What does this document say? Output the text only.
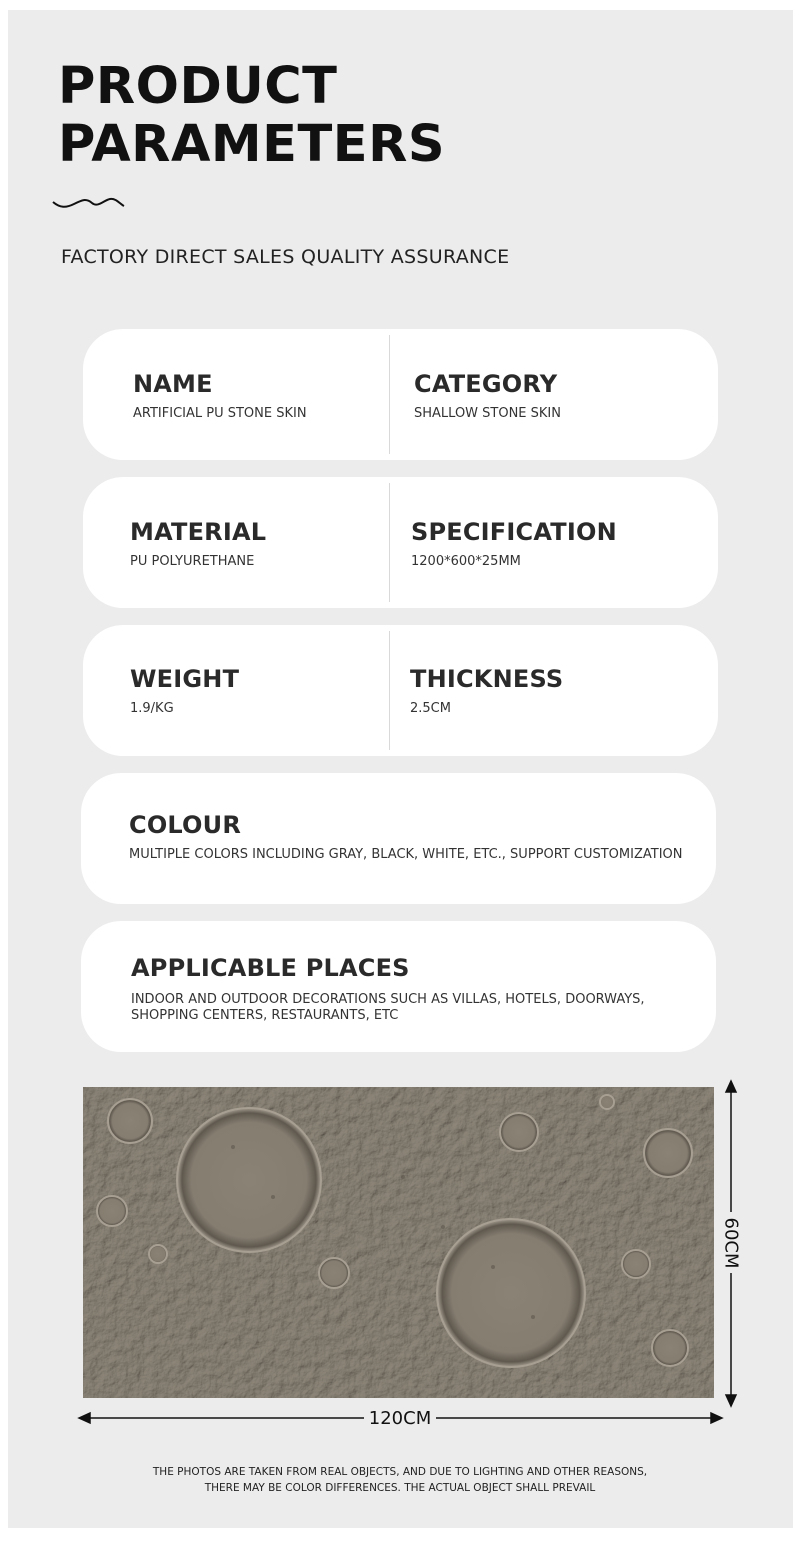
PRODUCT
PARAMETERS
FACTORY DIRECT SALES QUALITY ASSURANCE
NAME
ARTIFICIAL PU STONE SKIN
CATEGORY
SHALLOW STONE SKIN
MATERIAL
PU POLYURETHANE
SPECIFICATION
1200*600*25MM
WEIGHT
1.9/KG
THICKNESS
2.5CM
COLOUR
MULTIPLE COLORS INCLUDING GRAY, BLACK, WHITE, ETC., SUPPORT CUSTOMIZATION
APPLICABLE PLACES
INDOOR AND OUTDOOR DECORATIONS SUCH AS VILLAS, HOTELS, DOORWAYS, SHOPPING CENTERS, RESTAURANTS, ETC
120CM
60CM
THE PHOTOS ARE TAKEN FROM REAL OBJECTS, AND DUE TO LIGHTING AND OTHER REASONS,
THERE MAY BE COLOR DIFFERENCES. THE ACTUAL OBJECT SHALL PREVAIL
